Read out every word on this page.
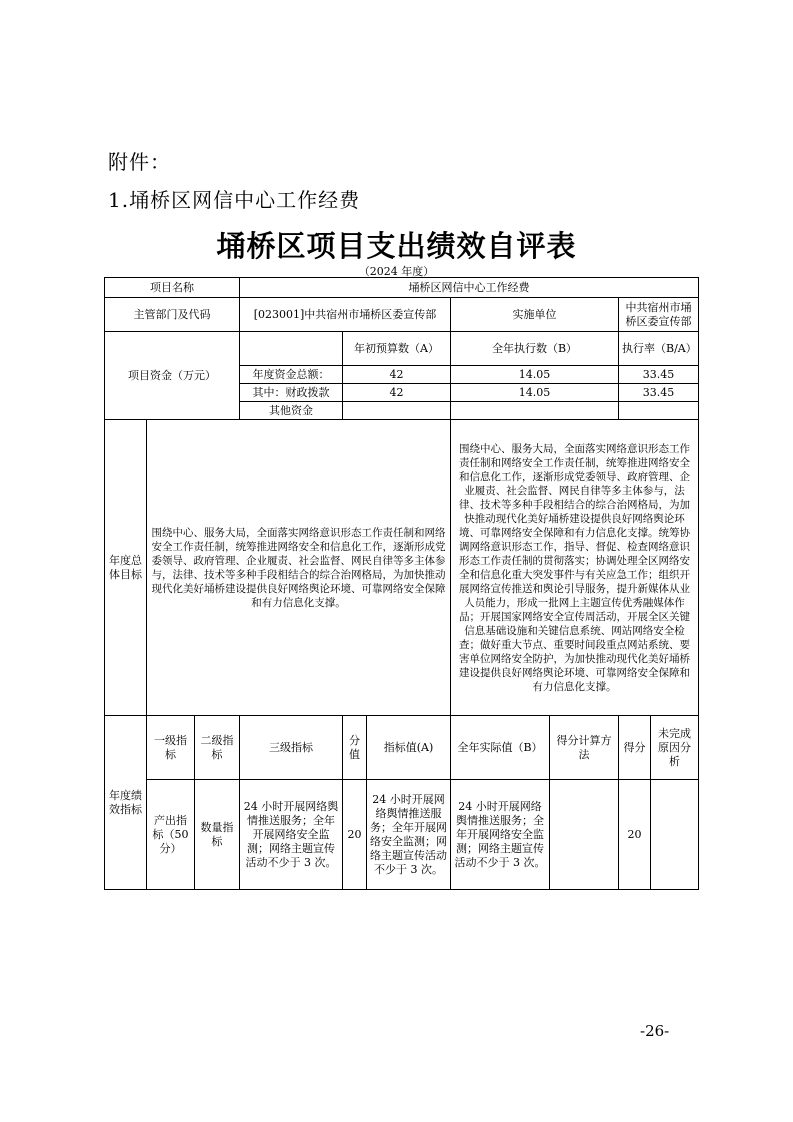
附件：
1.埇桥区网信中心工作经费
埇桥区项目支出绩效自评表
（2024 年度）
项目名称			埇桥区网信中心工作经费						
主管部门及代码			[023001]中共宿州市埇桥区委宣传部			实施单位		中共宿州市埇桥区委宣传部	
项目资金（万元）				年初预算数（A）		全年执行数（B）		执行率（B/A）	
			年度资金总额：	42		14.05		33.45	
			其中：财政拨款	42		14.05		33.45	
			其他资金						
年度总体目标	围绕中心、服务大局，全面落实网络意识形态工作责任制和网络安全工作责任制，统筹推进网络安全和信息化工作，逐渐形成党委领导、政府管理、企业履责、社会监督、网民自律等多主体参与，法律、技术等多种手段相结合的综合治网格局，为加快推动现代化美好埇桥建设提供良好网络舆论环境、可靠网络安全保障和有力信息化支撑。					围绕中心、服务大局，全面落实网络意识形态工作责任制和网络安全工作责任制，统筹推进网络安全和信息化工作，逐渐形成党委领导、政府管理、企业履责、社会监督、网民自律等多主体参与，法律、技术等多种手段相结合的综合治网格局，为加快推动现代化美好埇桥建设提供良好网络舆论环境、可靠网络安全保障和有力信息化支撑。统筹协调网络意识形态工作，指导、督促、检查网络意识形态工作责任制的贯彻落实；协调处理全区网络安全和信息化重大突发事件与有关应急工作；组织开展网络宣传推送和舆论引导服务，提升新媒体从业人员能力，形成一批网上主题宣传优秀融媒体作品；开展国家网络安全宣传周活动，开展全区关键信息基础设施和关键信息系统、网站网络安全检查；做好重大节点、重要时间段重点网站系统、要害单位网络安全防护，为加快推动现代化美好埇桥建设提供良好网络舆论环境、可靠网络安全保障和有力信息化支撑。			
年度绩效指标	一级指标	二级指标	三级指标	分值	指标值(A)	全年实际值（B）	得分计算方法	得分	未完成原因分析
	产出指标（50分）	数量指标	24 小时开展网络舆情推送服务；全年开展网络安全监测；网络主题宣传活动不少于 3 次。	20	24 小时开展网络舆情推送服务；全年开展网络安全监测；网络主题宣传活动不少于 3 次。	24 小时开展网络舆情推送服务；全年开展网络安全监测；网络主题宣传活动不少于 3 次。		20	
-26-
